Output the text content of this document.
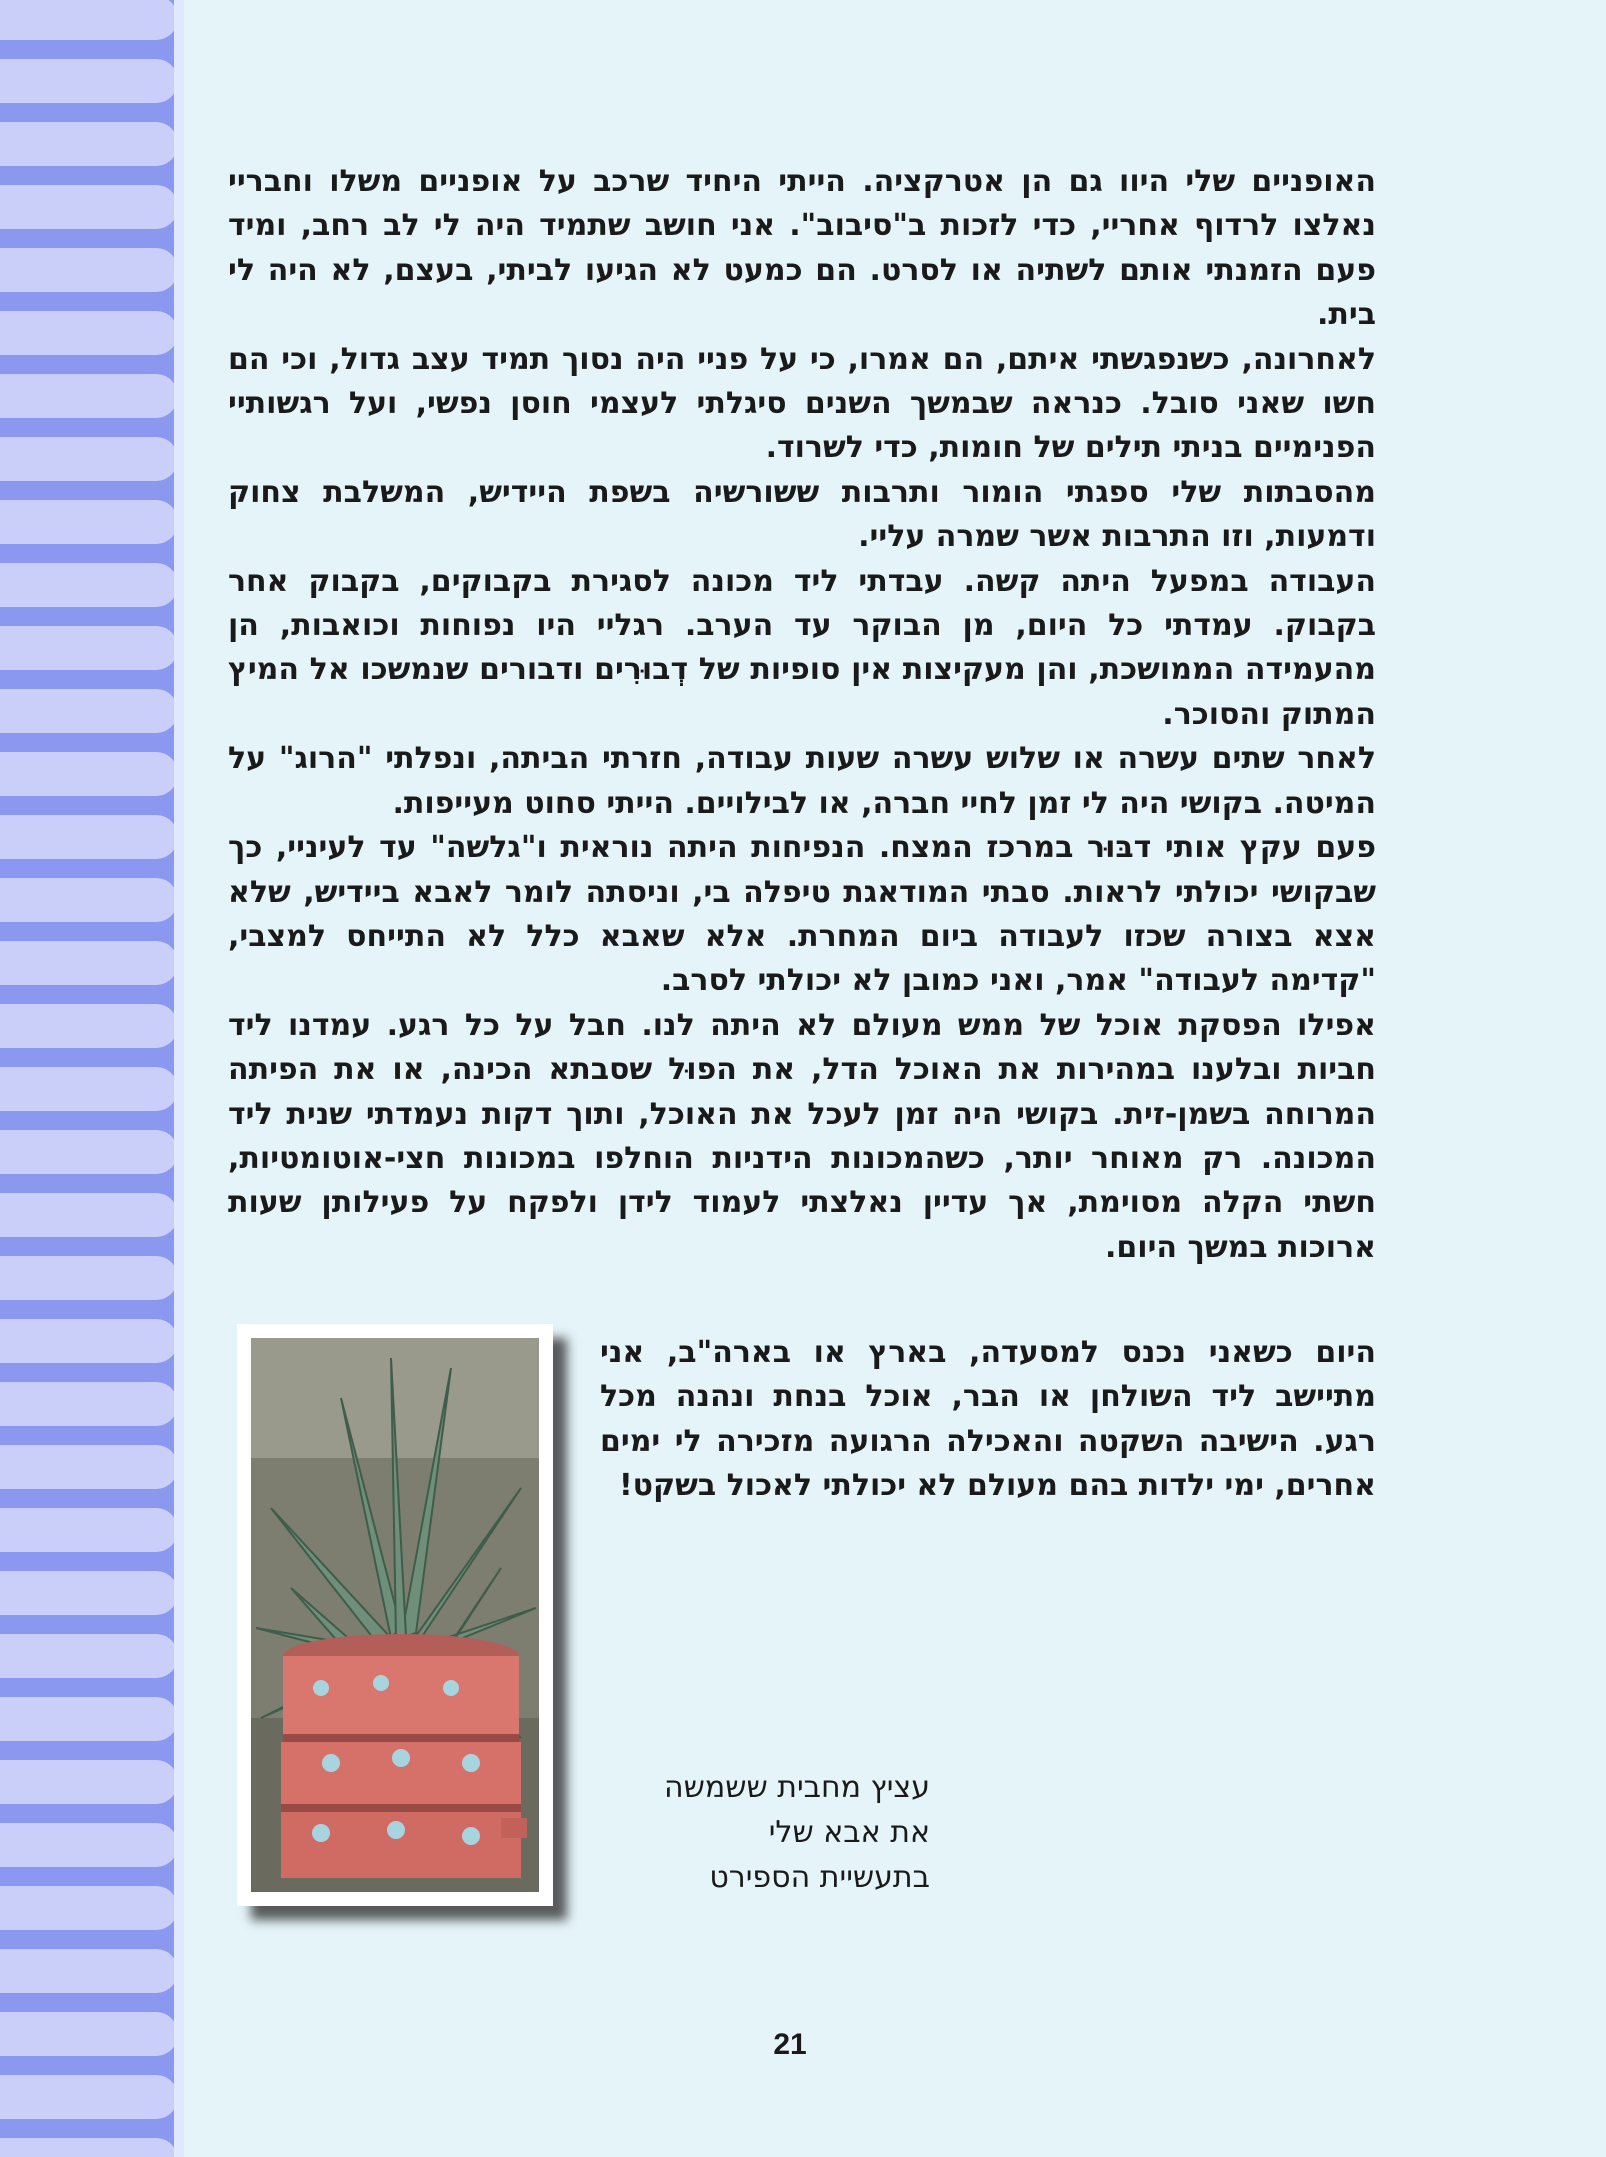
האופניים שלי היוו גם הן אטרקציה. הייתי היחיד שרכב על אופניים משלו וחבריי נאלצו לרדוף אחריי, כדי לזכות ב"סיבוב". אני חושב שתמיד היה לי לב רחב, ומיד פעם הזמנתי אותם לשתיה או לסרט. הם כמעט לא הגיעו לביתי, בעצם, לא היה לי בית.

לאחרונה, כשנפגשתי איתם, הם אמרו, כי על פניי היה נסוך תמיד עצב גדול, וכי הם חשו שאני סובל. כנראה שבמשך השנים סיגלתי לעצמי חוסן נפשי, ועל רגשותיי הפנימיים בניתי תילים של חומות, כדי לשרוד.

מהסבתות שלי ספגתי הומור ותרבות ששורשיה בשפת היידיש, המשלבת צחוק ודמעות, וזו התרבות אשר שמרה עליי.

העבודה במפעל היתה קשה. עבדתי ליד מכונה לסגירת בקבוקים, בקבוק אחר בקבוק. עמדתי כל היום, מן הבוקר עד הערב. רגליי היו נפוחות וכואבות, הן מהעמידה הממושכת, והן מעקיצות אין סופיות של דְבוּרִים ודבורים שנמשכו אל המיץ המתוק והסוכר.

לאחר שתים עשרה או שלוש עשרה שעות עבודה, חזרתי הביתה, ונפלתי "הרוג" על המיטה. בקושי היה לי זמן לחיי חברה, או לבילויים. הייתי סחוט מעייפות.

פעם עקץ אותי דבּוּר במרכז המצח. הנפיחות היתה נוראית ו"גלשה" עד לעיניי, כך שבקושי יכולתי לראות. סבתי המודאגת טיפלה בי, וניסתה לומר לאבא ביידיש, שלא אצא בצורה שכזו לעבודה ביום המחרת. אלא שאבא כלל לא התייחס למצבי, "קדימה לעבודה" אמר, ואני כמובן לא יכולתי לסרב.

אפילו הפסקת אוכל של ממש מעולם לא היתה לנו. חבל על כל רגע. עמדנו ליד חביות ובלענו במהירות את האוכל הדל, את הפוּל שסבתא הכינה, או את הפיתה המרוחה בשמן-זית. בקושי היה זמן לעכל את האוכל, ותוך דקות נעמדתי שנית ליד המכונה. רק מאוחר יותר, כשהמכונות הידניות הוחלפו במכונות חצי-אוטומטיות, חשתי הקלה מסוימת, אך עדיין נאלצתי לעמוד לידן ולפקח על פעילותן שעות ארוכות במשך היום.

היום כשאני נכנס למסעדה, בארץ או בארה"ב, אני מתיישב ליד השולחן או הבר, אוכל בנחת ונהנה מכל רגע. הישיבה השקטה והאכילה הרגועה מזכירה לי ימים אחרים, ימי ילדות בהם מעולם לא יכולתי לאכול בשקט!
עציץ מחבית ששמשה
את אבא שלי
בתעשיית הספירט
21
